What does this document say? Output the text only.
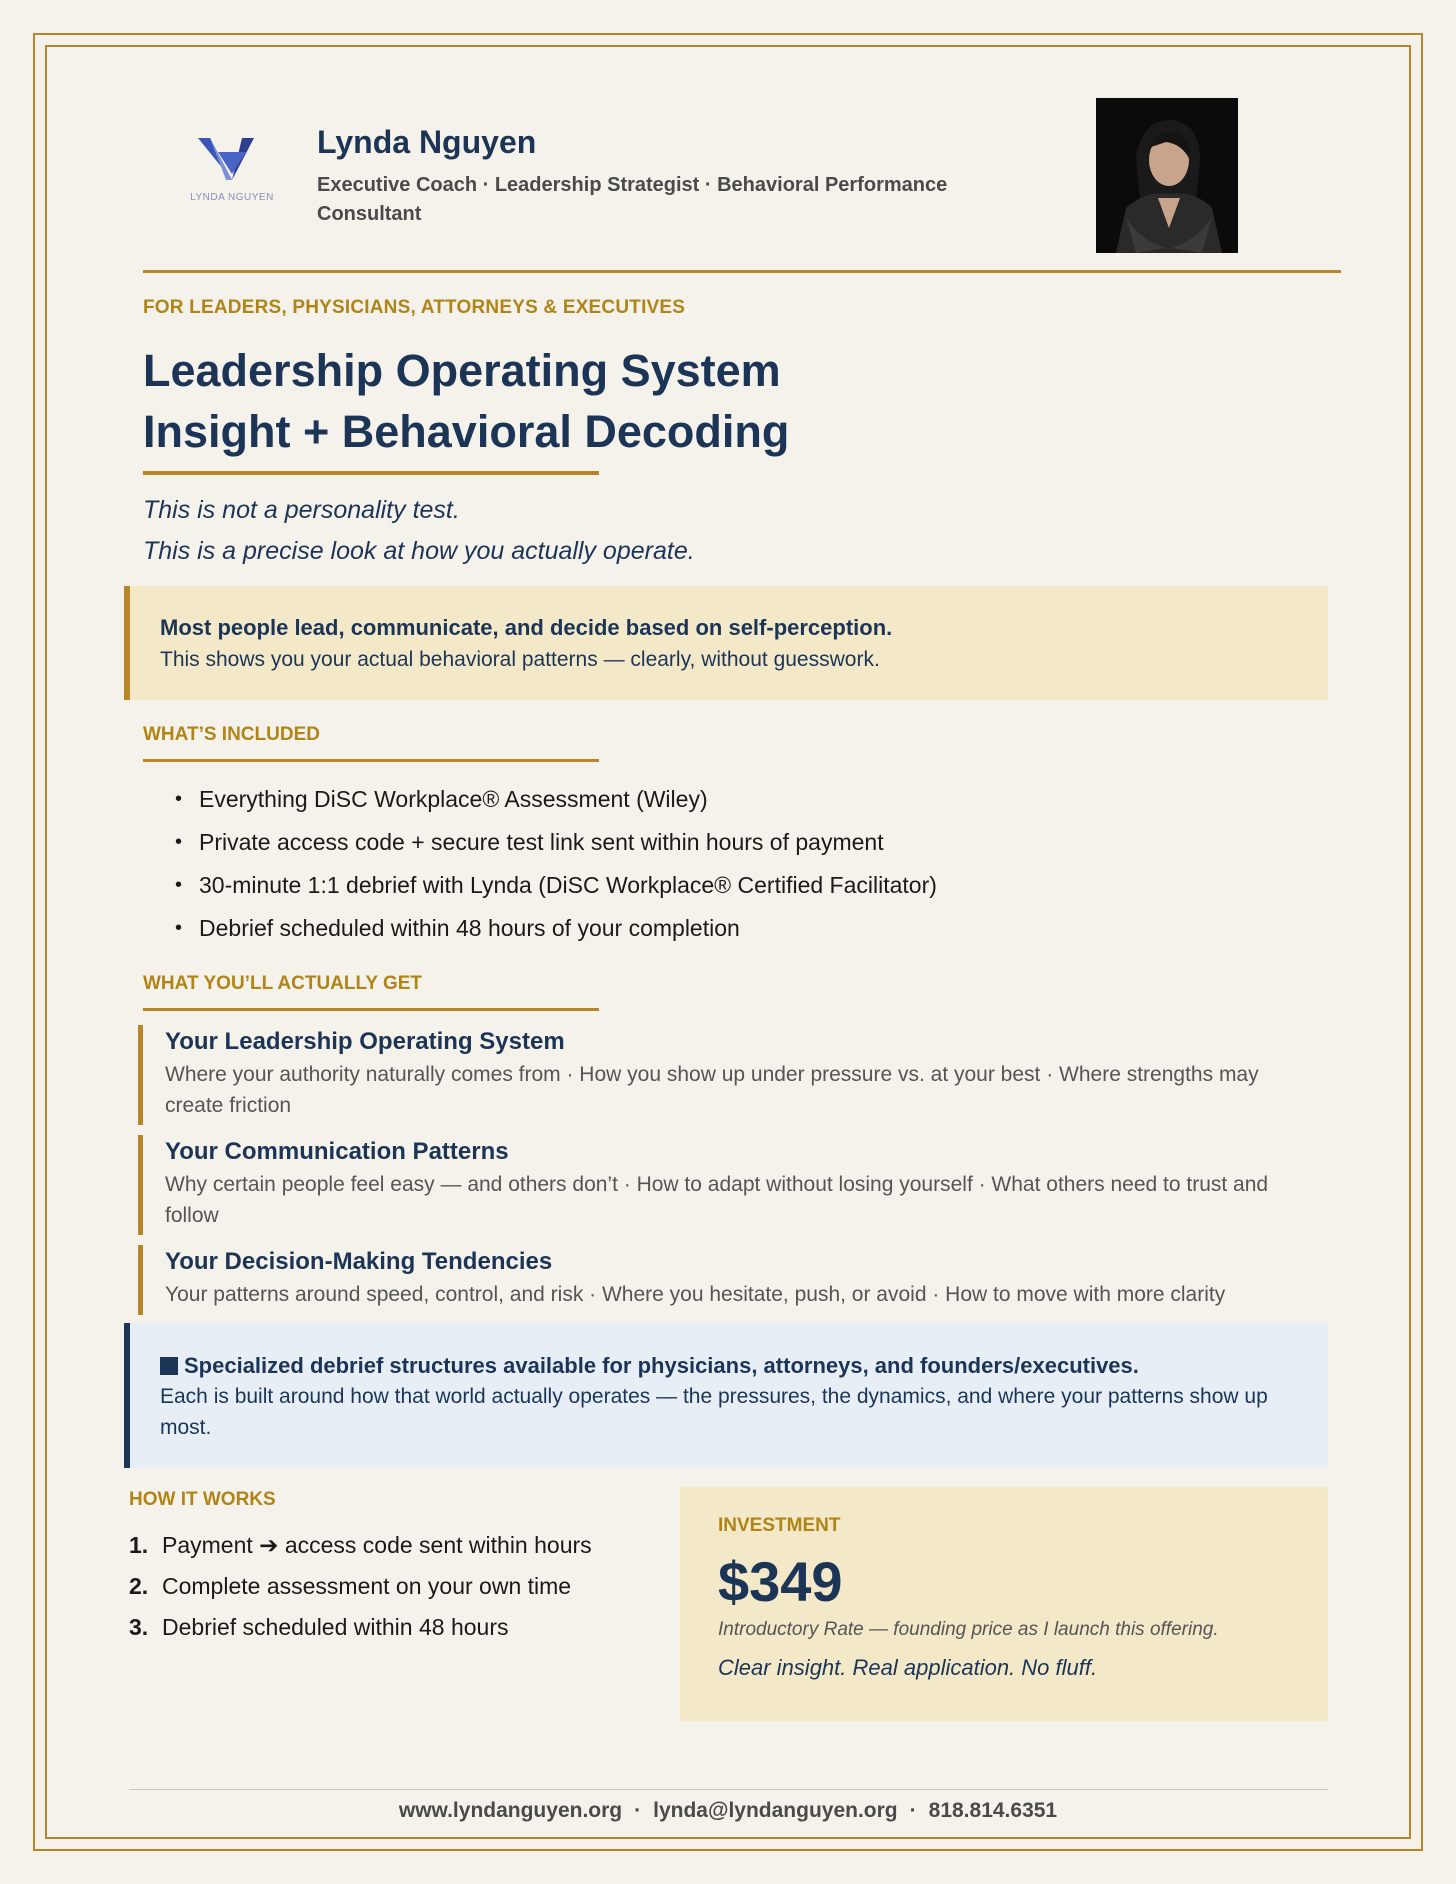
LYNDA NGUYEN
Lynda Nguyen
Executive Coach · Leadership Strategist · Behavioral Performance Consultant
FOR LEADERS, PHYSICIANS, ATTORNEYS & EXECUTIVES
Leadership Operating System
Insight + Behavioral Decoding
This is not a personality test.
This is a precise look at how you actually operate.
Most people lead, communicate, and decide based on self-perception.
This shows you your actual behavioral patterns — clearly, without guesswork.
WHAT’S INCLUDED
• Everything DiSC Workplace® Assessment (Wiley)
• Private access code + secure test link sent within hours of payment
• 30-minute 1:1 debrief with Lynda (DiSC Workplace® Certified Facilitator)
• Debrief scheduled within 48 hours of your completion
WHAT YOU’LL ACTUALLY GET
Your Leadership Operating System
Where your authority naturally comes from · How you show up under pressure vs. at your best · Where strengths may create friction
Your Communication Patterns
Why certain people feel easy — and others don’t · How to adapt without losing yourself · What others need to trust and follow
Your Decision-Making Tendencies
Your patterns around speed, control, and risk · Where you hesitate, push, or avoid · How to move with more clarity
Specialized debrief structures available for physicians, attorneys, and founders/executives.
Each is built around how that world actually operates — the pressures, the dynamics, and where your patterns show up most.
HOW IT WORKS
1. Payment ➔ access code sent within hours
2. Complete assessment on your own time
3. Debrief scheduled within 48 hours
INVESTMENT
$349
Introductory Rate — founding price as I launch this offering.
Clear insight. Real application. No fluff.
www.lyndanguyen.org · lynda@lyndanguyen.org · 818.814.6351
